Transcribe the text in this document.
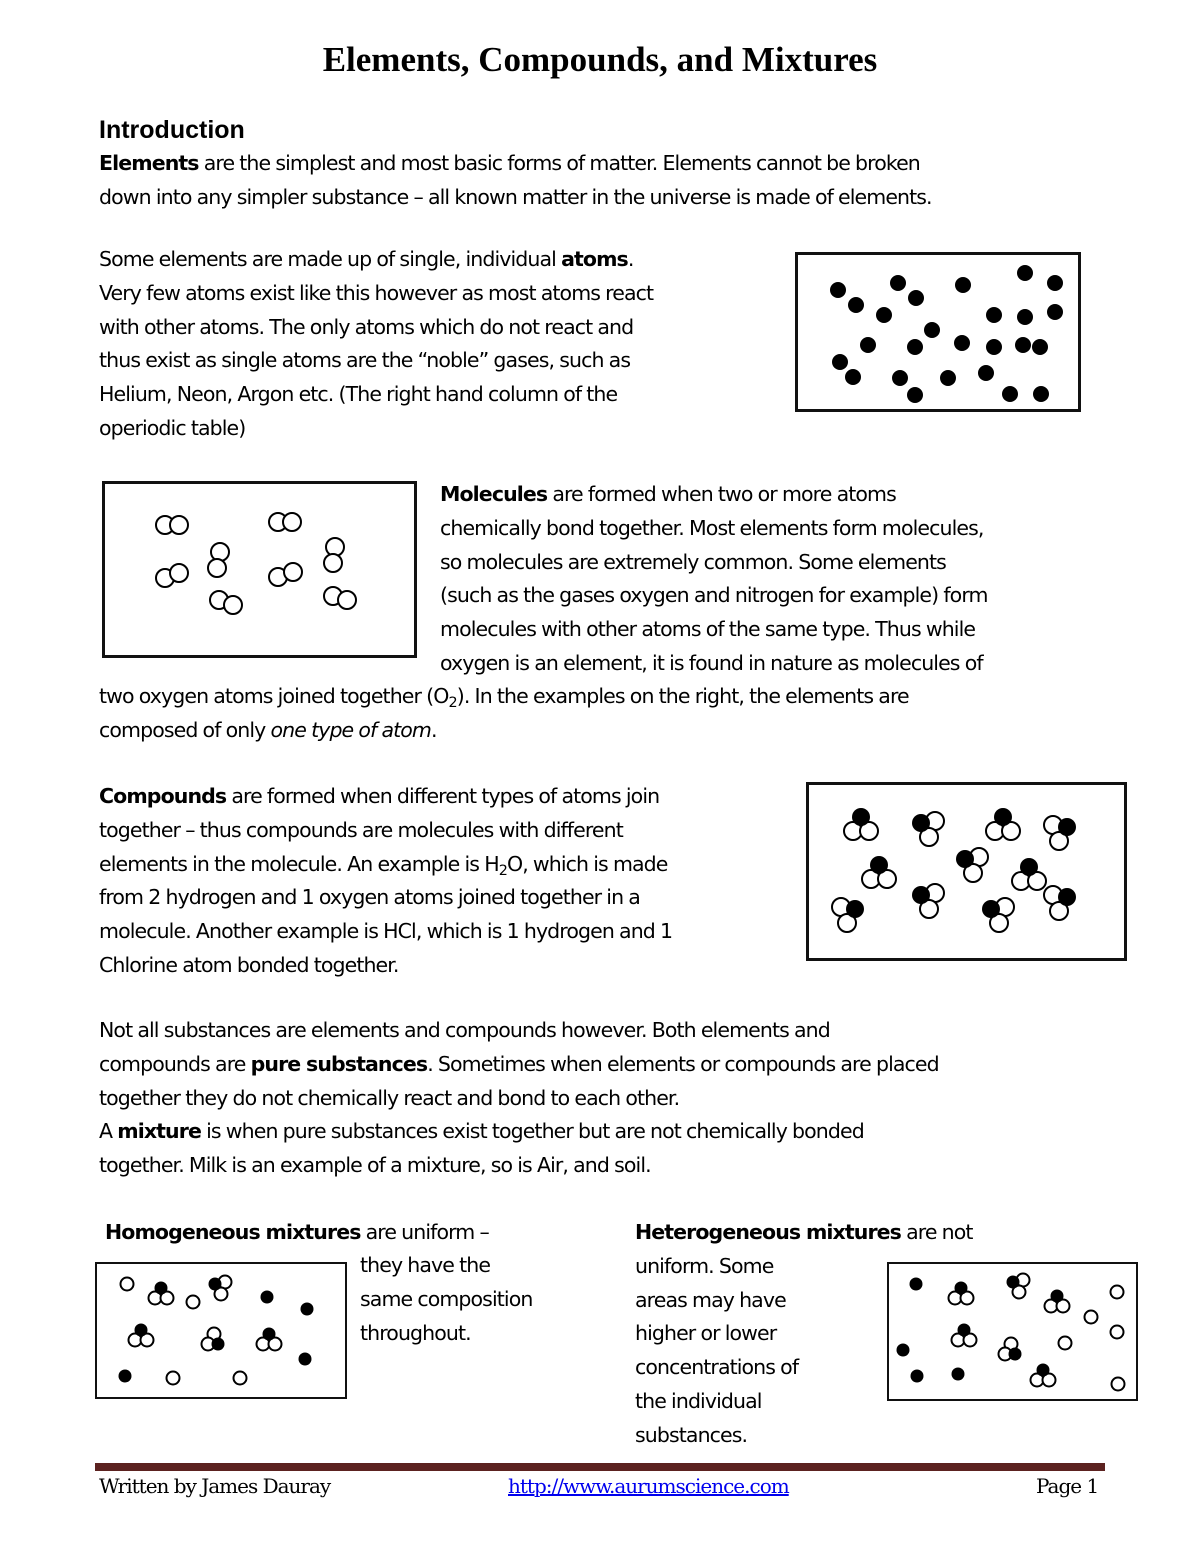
Elements, Compounds, and Mixtures
Introduction
Elements are the simplest and most basic forms of matter. Elements cannot be broken
down into any simpler substance – all known matter in the universe is made of elements.
Some elements are made up of single, individual atoms.
Very few atoms exist like this however as most atoms react
with other atoms. The only atoms which do not react and
thus exist as single atoms are the “noble” gases, such as
Helium, Neon, Argon etc. (The right hand column of the
operiodic table)
Molecules are formed when two or more atoms
chemically bond together. Most elements form molecules,
so molecules are extremely common. Some elements
(such as the gases oxygen and nitrogen for example) form
molecules with other atoms of the same type. Thus while
oxygen is an element, it is found in nature as molecules of
two oxygen atoms joined together $(O_2)$. In the examples on the right, the elements are
composed of only one type of atom.
Compounds are formed when different types of atoms join
together – thus compounds are molecules with different
elements in the molecule. An example is $H_2O$, which is made
from 2 hydrogen and 1 oxygen atoms joined together in a
molecule. Another example is HCl, which is 1 hydrogen and 1
Chlorine atom bonded together.
Not all substances are elements and compounds however. Both elements and
compounds are pure substances. Sometimes when elements or compounds are placed
together they do not chemically react and bond to each other.
A mixture is when pure substances exist together but are not chemically bonded
together. Milk is an example of a mixture, so is Air, and soil.
Homogeneous mixtures are uniform –
they have the
same composition
throughout.
Heterogeneous mixtures are not
uniform. Some
areas may have
higher or lower
concentrations of
the individual
substances.
Written by James Dauray	http://www.aurumscience.com	Page 1
